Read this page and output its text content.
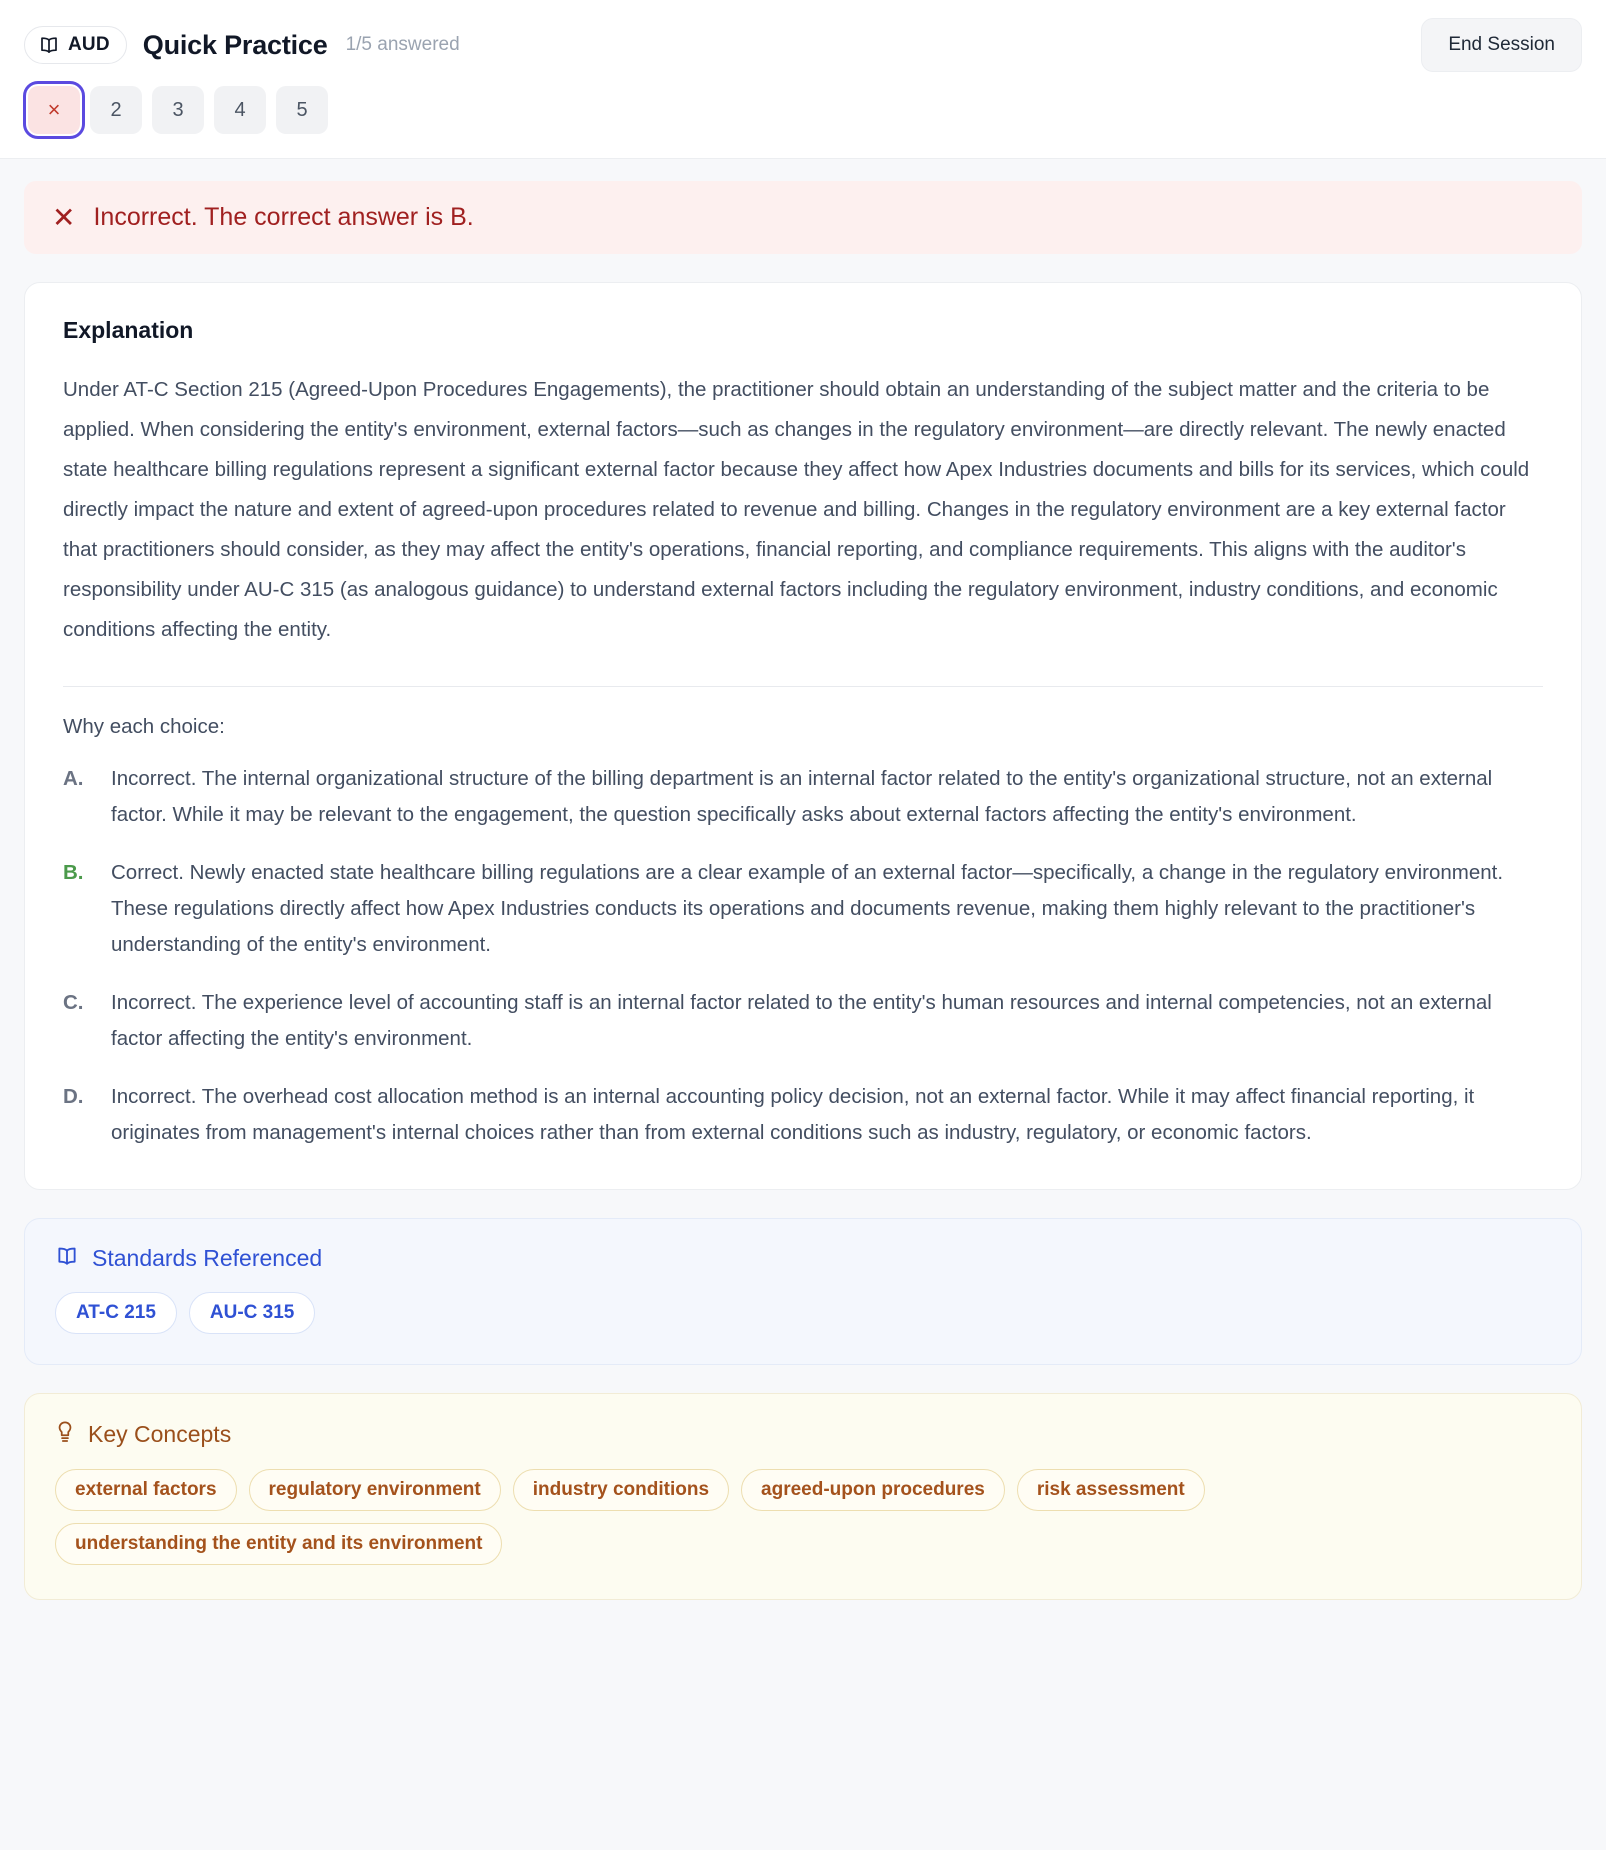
AUD Quick Practice 1/5 answered	End Session
×	2	3	4	5
✕ Incorrect. The correct answer is B.
Explanation
Under AT-C Section 215 (Agreed-Upon Procedures Engagements), the practitioner should obtain an understanding of the subject matter and the criteria to be applied. When considering the entity's environment, external factors—such as changes in the regulatory environment—are directly relevant. The newly enacted state healthcare billing regulations represent a significant external factor because they affect how Apex Industries documents and bills for its services, which could directly impact the nature and extent of agreed-upon procedures related to revenue and billing. Changes in the regulatory environment are a key external factor that practitioners should consider, as they may affect the entity's operations, financial reporting, and compliance requirements. This aligns with the auditor's responsibility under AU-C 315 (as analogous guidance) to understand external factors including the regulatory environment, industry conditions, and economic conditions affecting the entity.
Why each choice:
A.	Incorrect. The internal organizational structure of the billing department is an internal factor related to the entity's organizational structure, not an external factor. While it may be relevant to the engagement, the question specifically asks about external factors affecting the entity's environment.
B.	Correct. Newly enacted state healthcare billing regulations are a clear example of an external factor—specifically, a change in the regulatory environment. These regulations directly affect how Apex Industries conducts its operations and documents revenue, making them highly relevant to the practitioner's understanding of the entity's environment.
C.	Incorrect. The experience level of accounting staff is an internal factor related to the entity's human resources and internal competencies, not an external factor affecting the entity's environment.
D.	Incorrect. The overhead cost allocation method is an internal accounting policy decision, not an external factor. While it may affect financial reporting, it originates from management's internal choices rather than from external conditions such as industry, regulatory, or economic factors.
Standards Referenced
AT-C 215	AU-C 315
Key Concepts
external factors	regulatory environment	industry conditions	agreed-upon procedures	risk assessment
understanding the entity and its environment
